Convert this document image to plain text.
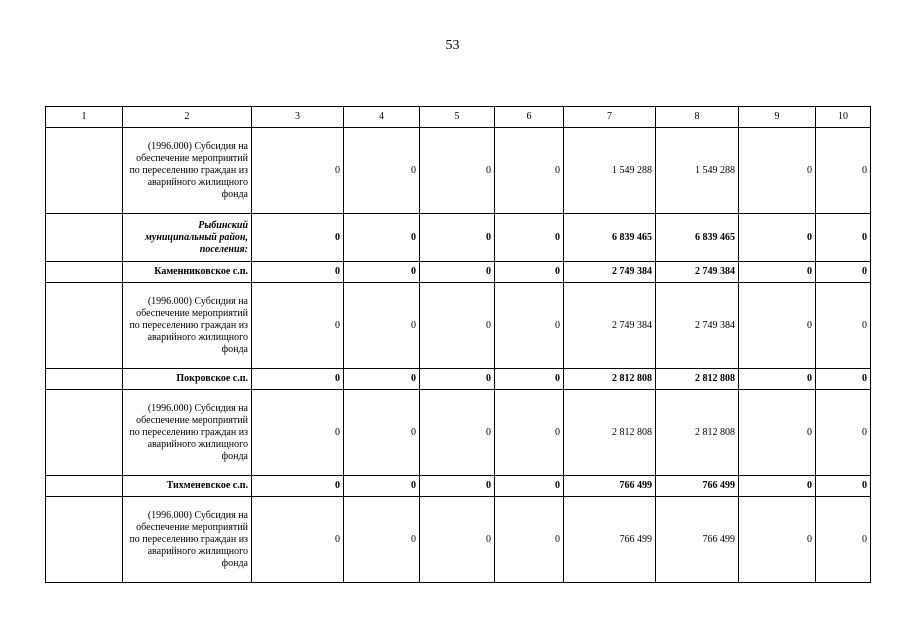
53
1	2	3	4	5	6	7	8	9	10
	(1996.000) Субсидия на обеспечение мероприятий по переселению граждан из аварийного жилищного фонда	0	0	0	0	1 549 288	1 549 288	0	0
	Рыбинский муниципальный район, поселения:	0	0	0	0	6 839 465	6 839 465	0	0
	Каменниковское с.п.	0	0	0	0	2 749 384	2 749 384	0	0
	(1996.000) Субсидия на обеспечение мероприятий по переселению граждан из аварийного жилищного фонда	0	0	0	0	2 749 384	2 749 384	0	0
	Покровское с.п.	0	0	0	0	2 812 808	2 812 808	0	0
	(1996.000) Субсидия на обеспечение мероприятий по переселению граждан из аварийного жилищного фонда	0	0	0	0	2 812 808	2 812 808	0	0
	Тихменевское с.п.	0	0	0	0	766 499	766 499	0	0
	(1996.000) Субсидия на обеспечение мероприятий по переселению граждан из аварийного жилищного фонда	0	0	0	0	766 499	766 499	0	0
